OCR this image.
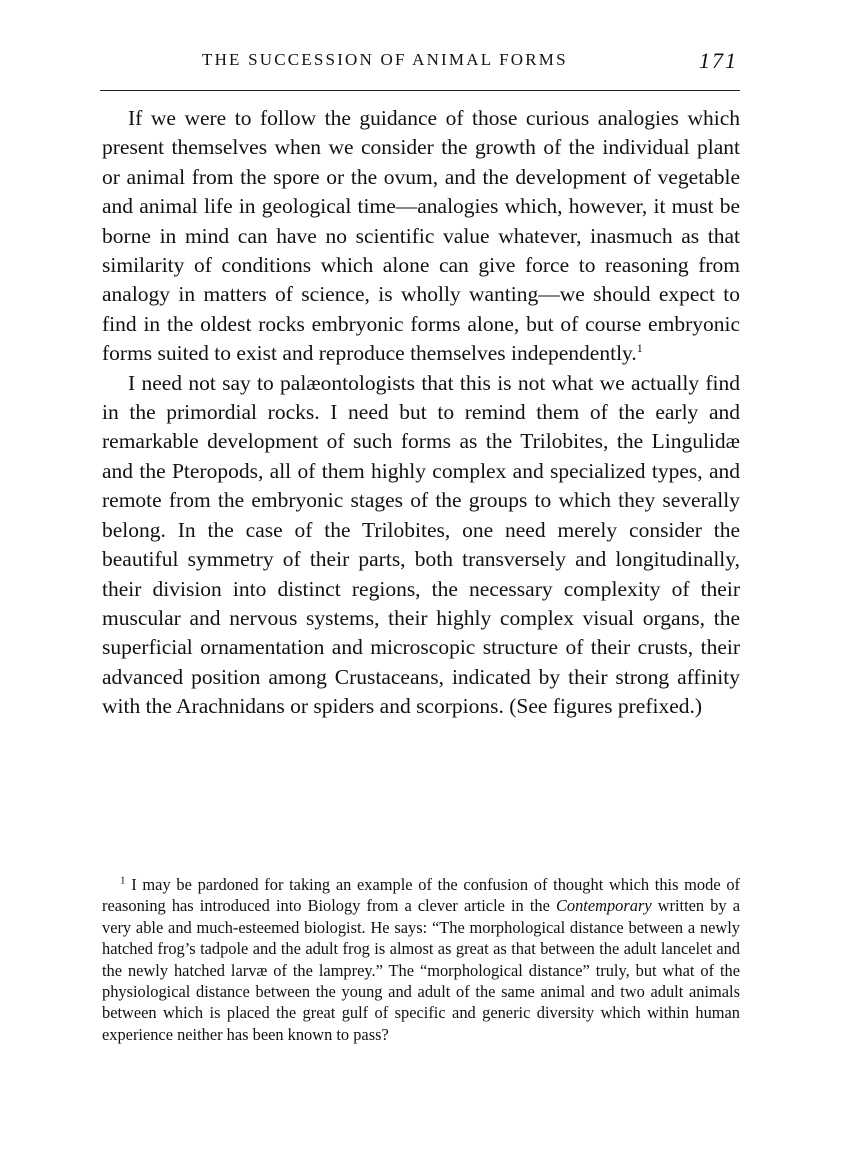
THE SUCCESSION OF ANIMAL FORMS	171

If we were to follow the guidance of those curious analogies which present themselves when we consider the growth of the individual plant or animal from the spore or the ovum, and the development of vegetable and animal life in geological time—analogies which, however, it must be borne in mind can have no scientific value whatever, inasmuch as that similarity of conditions which alone can give force to reasoning from analogy in matters of science, is wholly wanting—we should expect to find in the oldest rocks embryonic forms alone, but of course embryonic forms suited to exist and reproduce themselves independently.$^1$

I need not say to palæontologists that this is not what we actually find in the primordial rocks. I need but to remind them of the early and remarkable development of such forms as the Trilobites, the Lingulidæ and the Pteropods, all of them highly complex and specialized types, and remote from the embryonic stages of the groups to which they severally belong. In the case of the Trilobites, one need merely consider the beautiful symmetry of their parts, both transversely and longitudinally, their division into distinct regions, the necessary complexity of their muscular and nervous systems, their highly complex visual organs, the superficial ornamentation and microscopic structure of their crusts, their advanced position among Crustaceans, indicated by their strong affinity with the Arachnidans or spiders and scorpions. (See figures prefixed.)

$^1$ I may be pardoned for taking an example of the confusion of thought which this mode of reasoning has introduced into Biology from a clever article in the Contemporary written by a very able and much-esteemed biologist. He says: “The morphological distance between a newly hatched frog’s tadpole and the adult frog is almost as great as that between the adult lancelet and the newly hatched larvæ of the lamprey.” The “morphological distance” truly, but what of the physiological distance between the young and adult of the same animal and two adult animals between which is placed the great gulf of specific and generic diversity which within human experience neither has been known to pass?
